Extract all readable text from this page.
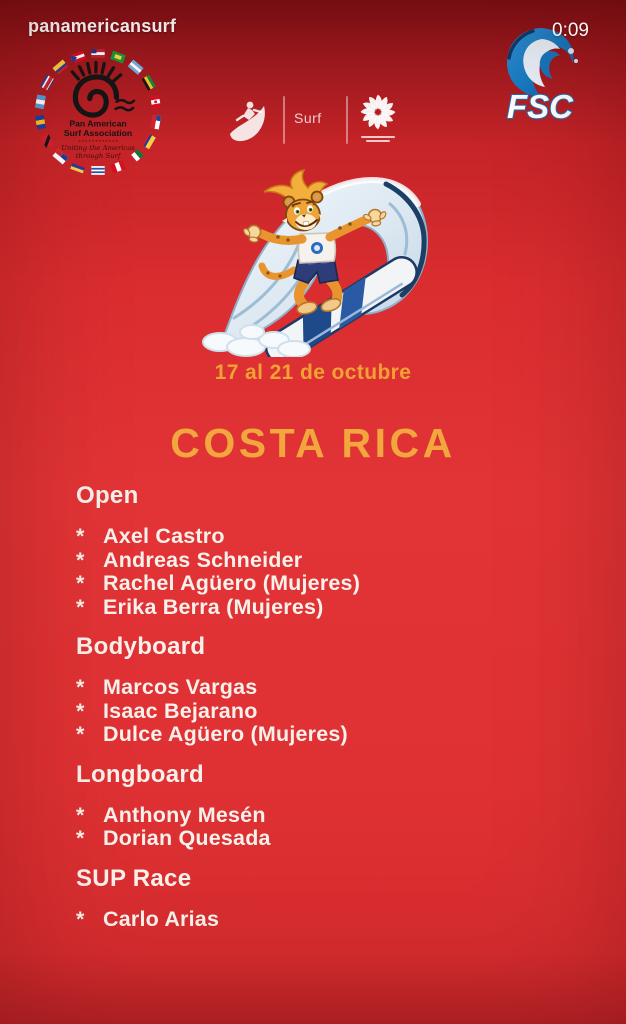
panamericansurf	0:09
Pan American
Surf Association
Uniting the Americas
through Surf
Surf	FSC
17 al 21 de octubre
COSTA RICA
Open
* Axel Castro
* Andreas Schneider
* Rachel Agüero (Mujeres)
* Erika Berra (Mujeres)
Bodyboard
* Marcos Vargas
* Isaac Bejarano
* Dulce Agüero (Mujeres)
Longboard
* Anthony Mesén
* Dorian Quesada
SUP Race
* Carlo Arias
